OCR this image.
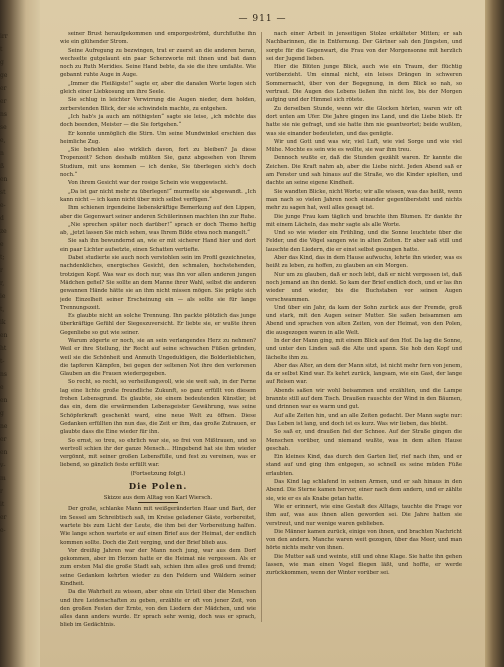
irr
t
g
ge
er
er
ns
se
e,
n
ß
en
st
e-
d
ze
e
t;
r
r,
ie
t,
ik
en
ht
t-
ns
e
en
g
ne
er
en
v-
m
r
it
er
e-
— 911 —

seiner Brust heraufgekommen und emporgeströmt, durchfluthe ihn wie ein glühender Strom.

Seine Aufregung zu bezwingen, trat er zuerst an die anderen heran, wechselte gutgelaunt ein paar Scherzworte mit ihnen und bat dann noch zu Ruth Meridies. Seine Hand bebte, da sie die ihre umfaßte. Wie gebannt ruhte Auge in Auge.

„Immer die Fleißigste!“ sagte er, aber die danalen Worte logen sich gleich einer Liebkosung um ihre Seele.

Sie schlug in leichter Verwirrung die Augen nieder, dem holden, zerberstenden Blick, der sie schwindeln machte, zu entgehen.

„Ich hab's ja auch am nöthigsten“ sagte sie leise, „ich möchte das doch beenden, Meister — die Sie fortgehen.“

Er konnte unmöglich die Stirn. Um seine Mundwinkel erschien das heimliche Zug.

„Sie befiehlen also wirklich davon, fort zu bleiben? Ja diese Tropenzeit? Schon deshalb müßten Sie, ganz abgesehen von Ihrem Studium, mit uns kommen — ich denke, Sie überlegen sich's doch noch.“

Von ihrem Gesicht war der rosige Schein wie weggewischt.

„Da ist gar nicht mehr zu überlegen!“ murmelte sie abgewandt. „Ich kann nicht — ich kann nicht über mich selbst verfügen.“

Ihm schienen irgendeine liebenskräftige Bemerkung auf den Lippen, aber die Gegenwart seiner anderen Schülerinnen machten ihn zur Ruhe.

„Nie sprechen später noch darüber!“ sprach er doch Themo heftig ab, „jetzt lassen Sie mich sehen, was Ihrem Bilde etwa noch mangelt.“

Sie sah ihn bewundernd an, wie er mit sicherer Hand hier und dort ein paar Lichter aufsetzte, einen Schatten vertiefte.

Dabei studierte sie auch noch verstohlen sein im Profil gezeichnetes, nachdenkliches, energisches Gesicht, den schmalen, hochstehenden, trotzigen Kopf. Was war es doch nur, was ihn vor allen anderen jungen Mädchen gefiel? Sie sollte an dem Manne ihrer Wahl, selbst die anderen gewannen Hände hätte sie an ihm nicht missen mögen. Sie prägte sich jede Einzelheit seiner Erscheinung ein — als sollte sie für lange Trennungszeit.

Es glaubte nicht an solche Trennung. Ihn packte plötzlich das junge überkräftige Gefühl der Siegeszuversicht. Er liebte sie, er wußte ihren Gegenliebe so gut wie seiner.

Warum zögerte er noch, sie an sein verlangendes Herz zu nehmen? Weil er ihre Stellung, ihr Recht auf seine schwachen Füßen gründen, weil sie die Schönheit und Anmuth Ungeduldigen, die Bolderlieblichen, die tapferen Kämpfen, bei gegen der seltenen Not ihre den verlorenen Glauben an die Frauen wiedergegeben.

So recht, so recht, so verheißungsvoll, wie sie weit sah, in der Ferne lag eine lichte große freundliche Zukunft, so ganz erfüllt von diesem frohen Lebensgrund. Es glaubte, sie einem bedeutenden Künstler, ist das ein, dem die erwärmenden Lebensgeister Gewährung, was seine Schöpferkraft geschenkt ward, eine neue Welt zu öffnen. Diese Gedanken erfüllten ihn nun das, die Zeit er ihm, das große Zutrauen, er glaubte dass die Eine wieder für ihn.

So ernst, so treu, so ehrlich war sie, so frei von Mißtrauen, und so wertvoll schien ihr der ganze Mensch... Hingebend hat sie ihm wieder vergönnt, mit seiner großen Lebensfülle, und fest zu vereinen, was er liebend, so gänzlich feste erfüllt war.

(Fortsetzung folgt.)

Die Polen.

Skizze aus dem Alltag von Karl Wiersch.

Der große, schlanke Mann mit weißgeränderten Haar und Bart, der im Sessel am Schreibtisch saß, im Kreise geladener Gäste, vorbereitet, wartete bis zum Licht der Leute, die ihm bei der Vorbereitung halfen. Wie lange schon wartete er auf einen Brief aus der Heimat, der endlich kommen sollte. Doch die Zeit verging, und der Brief blieb aus.

Vor dreißig Jahren war der Mann noch jung, war aus dem Dorf gekommen, aber im Herzen hatte er die Heimat nie vergessen. Als er zum ersten Mal die große Stadt sah, schien ihm alles groß und fremd; seine Gedanken kehrten wieder zu den Feldern und Wäldern seiner Kindheit.

Da die Wahrheit zu wissen, aber ohne ein Urteil über die Menschen und ihre Leidenschaften zu geben, erzählte er oft von jener Zeit, von den großen Festen der Ernte, von den Liedern der Mädchen, und wie alles dann anders wurde. Er sprach sehr wenig, doch was er sprach, blieb im Gedächtnis.

nach einer Arbeit in jenseitigen Stolze erkälteter Mitten; er sah Nachbarinnen, die in Entfernung. Der Gärtner sah den Jüngsten, und sorgte für die Gegenwart, die Frau von der Morgensonne mit herzlich sei der Jugend lieben.

Hier die Blüten junge Blick, auch wie ein Traum, der flüchtig vorüberzieht. Um einmal nicht, ein leises Drängen in schweren Sommernacht, über von der Begegnung, in dem Blick so nah, so vertraut. Die Augen des Lebens ließen ihn nicht los, bis der Morgen aufging und der Himmel sich rötete.

Zu derselben Stunde, wenn wir die Glocken hörten, waren wir oft dort unten am Ufer. Die Jahre gingen ins Land, und die Liebe blieb. Er hatte sie nie gefragt, und sie hatte ihm nie geantwortet; beide wußten, was sie einander bedeuteten, und das genügte.

Wir und Gott und was wir, viel Luft, wie viel Sorge und wie viel Mühe. Mochte es sein wie es wollte, sie war ihm treu.

Dennoch wußte er, daß die Stunden gezählt waren. Er kannte die Zeichen. Die Kraft nahm ab, aber die Liebe nicht. Jeden Abend saß er am Fenster und sah hinaus auf die Straße, wo die Kinder spielten, und dachte an seine eigene Kindheit.

Sie wandten Blicke, nicht Worte; wir alle wissen, was das heißt, wenn man nach so vielen Jahren noch einander gegenübersteht und nichts mehr zu sagen hat, weil alles gesagt ist.

Die junge Frau kam täglich und brachte ihm Blumen. Er dankte ihr mit einem Lächeln, das mehr sagte als alle Worte.

Und so wie wieder ein Frühling, und die Sonne leuchtete über die Felder, und die Vögel sangen wie in alten Zeiten. Er aber saß still und lauschte den Liedern, die er einst selbst gesungen hatte.

Aber das Kind, das in dem Hause aufwuchs, lehrte ihn wieder, was es heißt zu leben, zu hoffen, zu glauben an ein Morgen.

Nur um zu glauben, daß er noch lebt, daß er nicht vergessen ist, daß noch jemand an ihn denkt. So kam der Brief endlich doch, und er las ihn wieder und wieder, bis die Buchstaben vor seinen Augen verschwammen.

Und über ein Jahr, da kam der Sohn zurück aus der Fremde, groß und stark, mit den Augen seiner Mutter. Sie saßen beisammen am Abend und sprachen von alten Zeiten, von der Heimat, von den Polen, die ausgezogen waren in alle Welt.

In der der Mann ging, mit einem Blick auf den Hof. Da lag die Sonne, und unter den Linden saß die Alte und spann. Sie hob den Kopf und lächelte ihm zu.

Aber das Alter, an dem der Mann sitzt, ist nicht mehr fern von jenem, da er selbst Kind war. Es kehrt zurück, langsam, wie ein Gast, der lange auf Reisen war.

Abends saßen wir wohl beisammen und erzählten, und die Lampe brannte still auf dem Tisch. Draußen rauschte der Wind in den Bäumen, und drinnen war es warm und gut.

Auf alle Zeiten hin, und an alle Zeiten gedacht. Der Mann sagte nur: Das Leben ist lang, und doch ist es kurz. Was wir lieben, das bleibt.

So saß er, und draußen fiel der Schnee. Auf der Straße gingen die Menschen vorüber, und niemand wußte, was in dem alten Hause geschah.

Ein kleines Kind, das durch den Garten lief, rief nach ihm, und er stand auf und ging ihm entgegen, so schnell es seine müden Füße erlaubten.

Das Kind lag schlafend in seinen Armen, und er sah hinaus in den Abend. Die Sterne kamen hervor, einer nach dem andern, und er zählte sie, wie er es als Knabe getan hatte.

Wie er erinnert, wie eine Gestalt des Alltags, tauchte die Frage vor ihm auf, was aus ihnen allen geworden sei. Die Jahre hatten sie verstreut, und nur wenige waren geblieben.

Die Männer kamen zurück, einige von ihnen, und brachten Nachricht von den andern. Manche waren weit gezogen, über das Meer, und man hörte nichts mehr von ihnen.

Die Mutter saß und weinte, still und ohne Klage. Sie hatte ihn gehen lassen, wie man einen Vogel fliegen läßt, und hoffte, er werde zurückkommen, wenn der Winter vorüber sei.
